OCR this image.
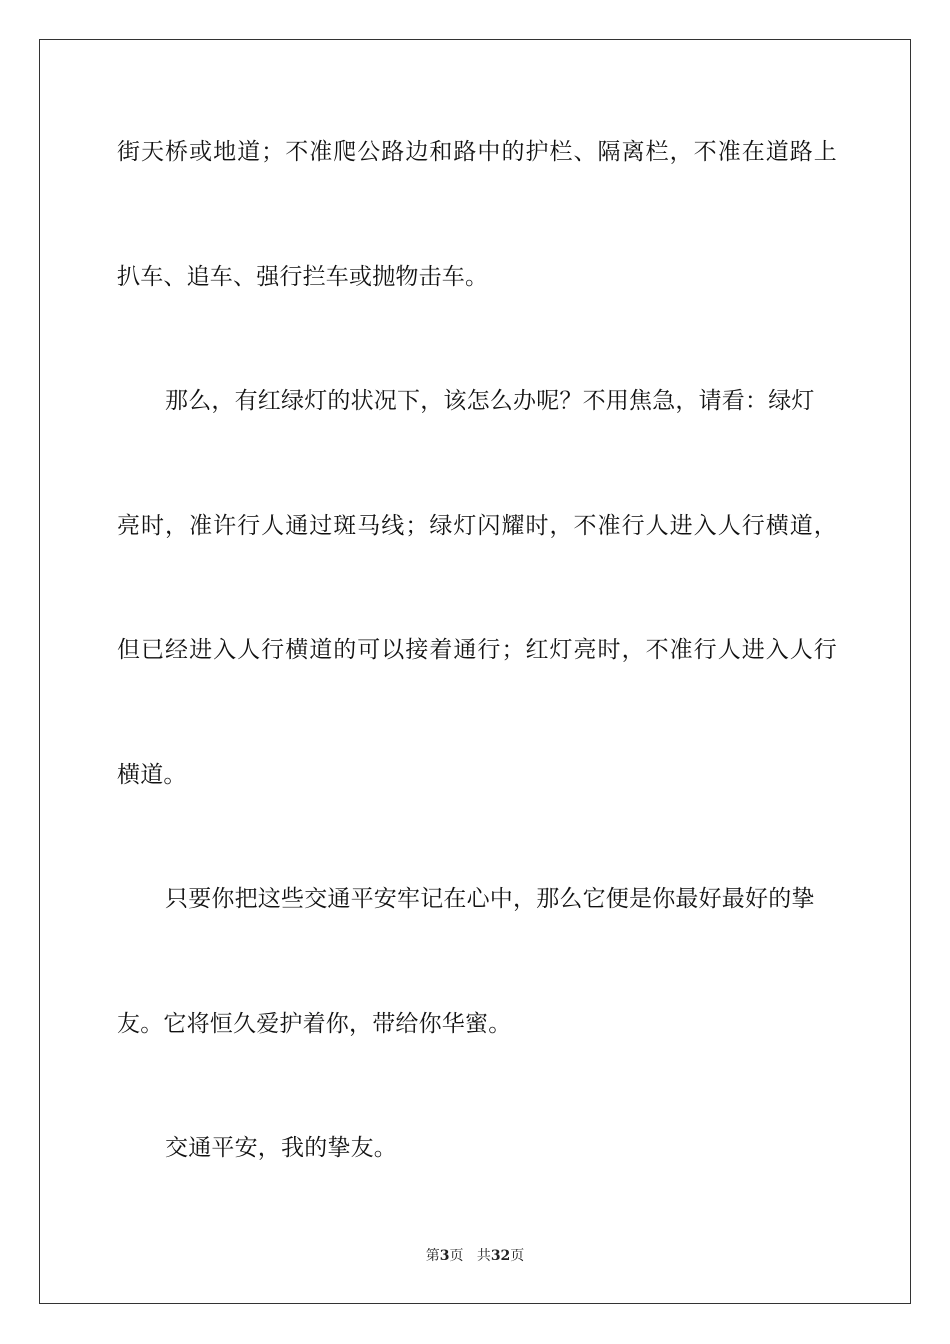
街天桥或地道；不准爬公路边和路中的护栏、隔离栏，不准在道路上
扒车、追车、强行拦车或抛物击车。
那么，有红绿灯的状况下，该怎么办呢？不用焦急，请看：绿灯
亮时，准许行人通过斑马线；绿灯闪耀时，不准行人进入人行横道，
但已经进入人行横道的可以接着通行；红灯亮时，不准行人进入人行
横道。
只要你把这些交通平安牢记在心中，那么它便是你最好最好的挚
友。它将恒久爱护着你，带给你华蜜。
交通平安，我的挚友。
第3页 共32页
